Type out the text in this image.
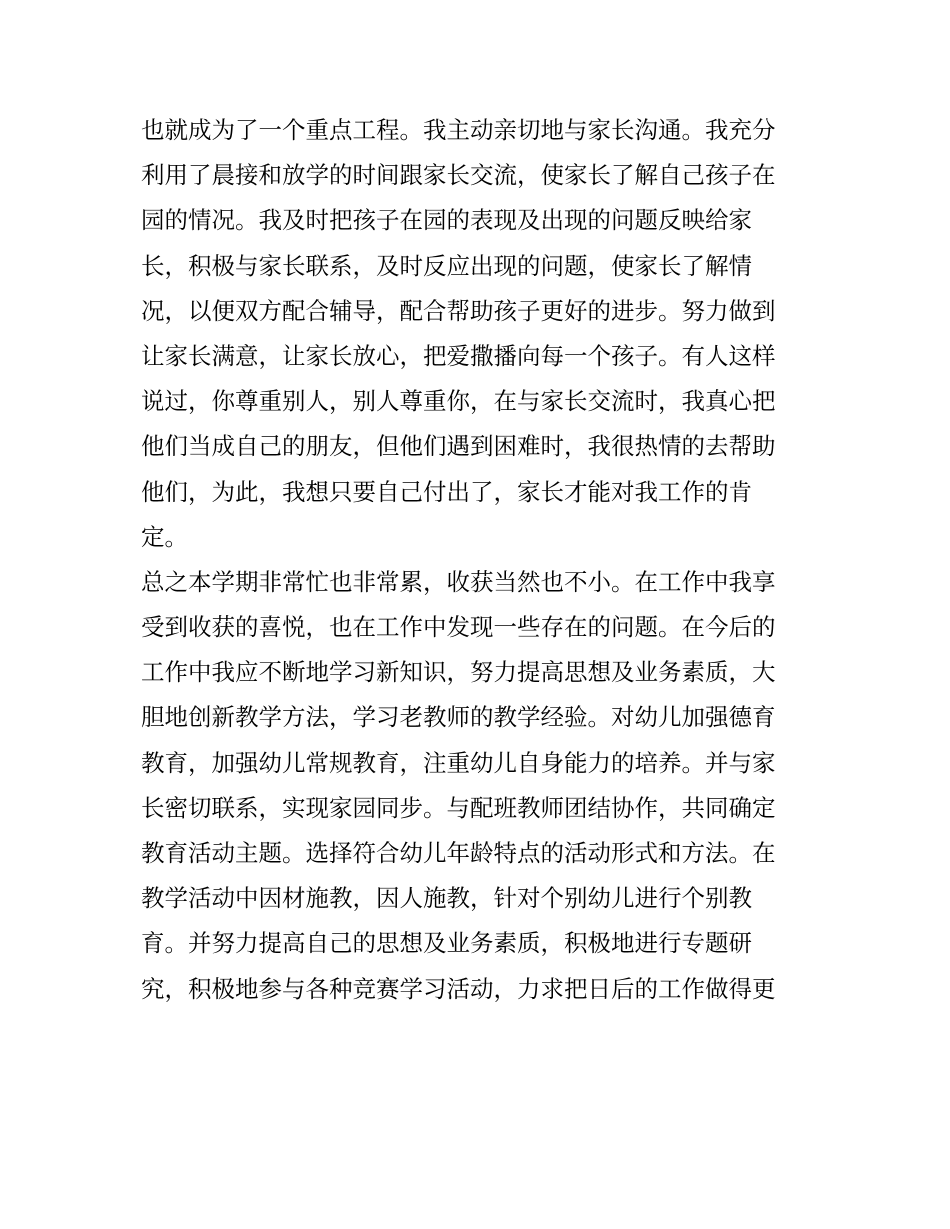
也就成为了一个重点工程。我主动亲切地与家长沟通。我充分
利用了晨接和放学的时间跟家长交流，使家长了解自己孩子在
园的情况。我及时把孩子在园的表现及出现的问题反映给家
长，积极与家长联系，及时反应出现的问题，使家长了解情
况，以便双方配合辅导，配合帮助孩子更好的进步。努力做到
让家长满意，让家长放心，把爱撒播向每一个孩子。有人这样
说过，你尊重别人，别人尊重你，在与家长交流时，我真心把
他们当成自己的朋友，但他们遇到困难时，我很热情的去帮助
他们，为此，我想只要自己付出了，家长才能对我工作的肯
定。
总之本学期非常忙也非常累，收获当然也不小。在工作中我享
受到收获的喜悦，也在工作中发现一些存在的问题。在今后的
工作中我应不断地学习新知识，努力提高思想及业务素质，大
胆地创新教学方法，学习老教师的教学经验。对幼儿加强德育
教育，加强幼儿常规教育，注重幼儿自身能力的培养。并与家
长密切联系，实现家园同步。与配班教师团结协作，共同确定
教育活动主题。选择符合幼儿年龄特点的活动形式和方法。在
教学活动中因材施教，因人施教，针对个别幼儿进行个别教
育。并努力提高自己的思想及业务素质，积极地进行专题研
究，积极地参与各种竞赛学习活动，力求把日后的工作做得更
